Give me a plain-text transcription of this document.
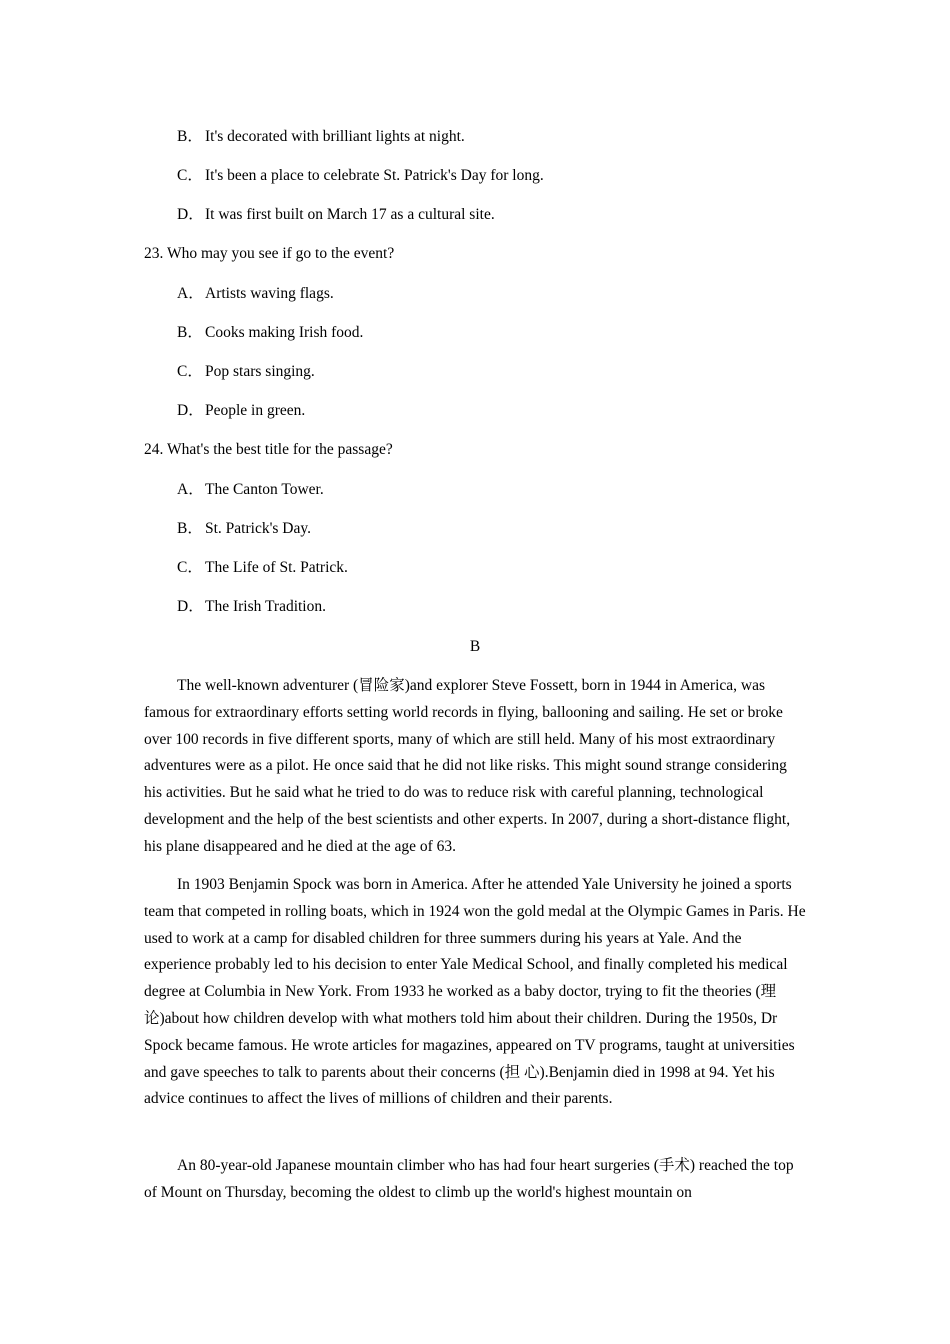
B． It's decorated with brilliant lights at night.
C． It's been a place to celebrate St. Patrick's Day for long.
D．It was first built on March 17 as a cultural site.
23. Who may you see if go to the event?
A．Artists waving flags.
B． Cooks making Irish food.
C． Pop stars singing.
D．People in green.
24. What's the best title for the passage?
A．The Canton Tower.
B． St. Patrick's Day.
C． The Life of St. Patrick.
D．The Irish Tradition.
B

The well-known adventurer (冒险家)and explorer Steve Fossett, born in 1944 in America, was famous for extraordinary efforts setting world records in flying, ballooning and sailing. He set or broke over 100 records in five different sports, many of which are still held. Many of his most extraordinary adventures were as a pilot. He once said that he did not like risks. This might sound strange considering his activities. But he said what he tried to do was to reduce risk with careful planning, technological development and the help of the best scientists and other experts. In 2007, during a short-distance flight, his plane disappeared and he died at the age of 63.

In 1903 Benjamin Spock was born in America. After he attended Yale University he joined a sports team that competed in rolling boats, which in 1924 won the gold medal at the Olympic Games in Paris. He used to work at a camp for disabled children for three summers during his years at Yale. And the experience probably led to his decision to enter Yale Medical School, and finally completed his medical degree at Columbia in New York. From 1933 he worked as a baby doctor, trying to fit the theories (理论)about how children develop with what mothers told him about their children. During the 1950s, Dr Spock became famous. He wrote articles for magazines, appeared on TV programs, taught at universities and gave speeches to talk to parents about their concerns (担 心).Benjamin died in 1998 at 94. Yet his advice continues to affect the lives of millions of children and their parents.

An 80-year-old Japanese mountain climber who has had four heart surgeries (手术) reached the top of Mount on Thursday, becoming the oldest to climb up the world's highest mountain on
